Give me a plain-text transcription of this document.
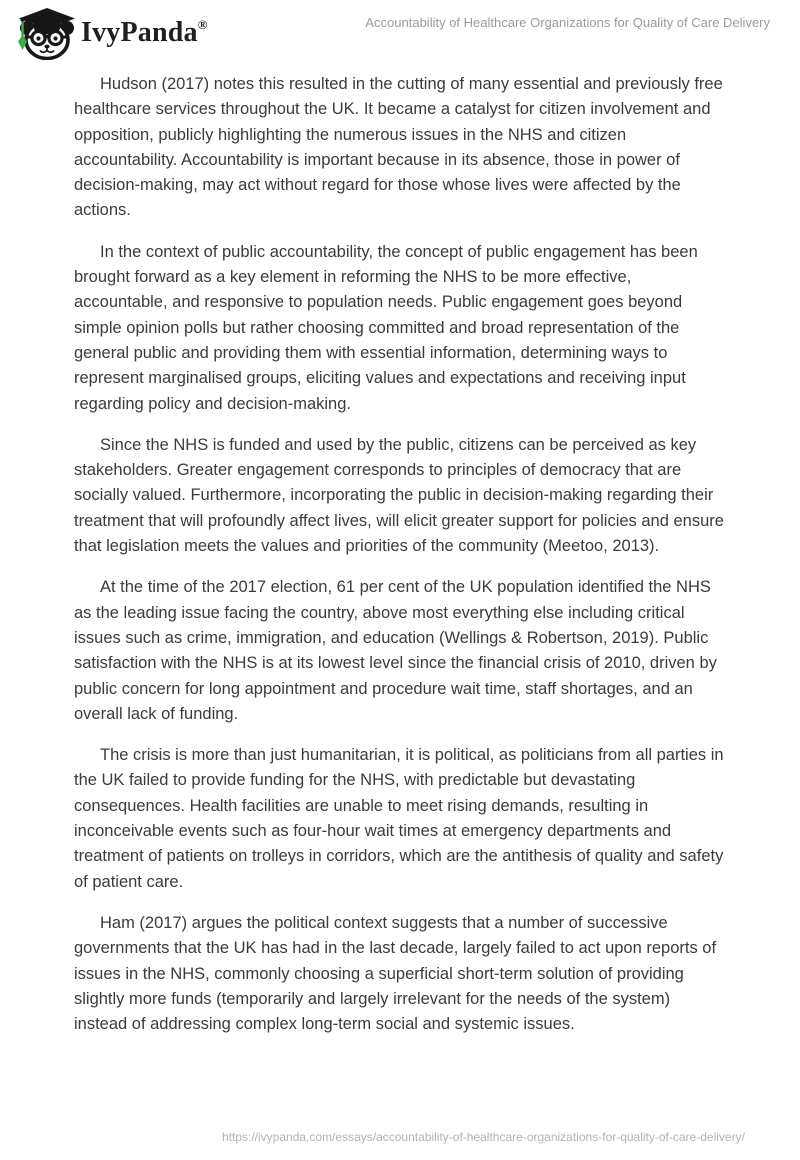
IvyPanda®	Accountability of Healthcare Organizations for Quality of Care Delivery

Hudson (2017) notes this resulted in the cutting of many essential and previously free healthcare services throughout the UK. It became a catalyst for citizen involvement and opposition, publicly highlighting the numerous issues in the NHS and citizen accountability. Accountability is important because in its absence, those in power of decision-making, may act without regard for those whose lives were affected by the actions.

In the context of public accountability, the concept of public engagement has been brought forward as a key element in reforming the NHS to be more effective, accountable, and responsive to population needs. Public engagement goes beyond simple opinion polls but rather choosing committed and broad representation of the general public and providing them with essential information, determining ways to represent marginalised groups, eliciting values and expectations and receiving input regarding policy and decision-making.

Since the NHS is funded and used by the public, citizens can be perceived as key stakeholders. Greater engagement corresponds to principles of democracy that are socially valued. Furthermore, incorporating the public in decision-making regarding their treatment that will profoundly affect lives, will elicit greater support for policies and ensure that legislation meets the values and priorities of the community (Meetoo, 2013).

At the time of the 2017 election, 61 per cent of the UK population identified the NHS as the leading issue facing the country, above most everything else including critical issues such as crime, immigration, and education (Wellings & Robertson, 2019). Public satisfaction with the NHS is at its lowest level since the financial crisis of 2010, driven by public concern for long appointment and procedure wait time, staff shortages, and an overall lack of funding.

The crisis is more than just humanitarian, it is political, as politicians from all parties in the UK failed to provide funding for the NHS, with predictable but devastating consequences. Health facilities are unable to meet rising demands, resulting in inconceivable events such as four-hour wait times at emergency departments and treatment of patients on trolleys in corridors, which are the antithesis of quality and safety of patient care.

Ham (2017) argues the political context suggests that a number of successive governments that the UK has had in the last decade, largely failed to act upon reports of issues in the NHS, commonly choosing a superficial short-term solution of providing slightly more funds (temporarily and largely irrelevant for the needs of the system) instead of addressing complex long-term social and systemic issues.

https://ivypanda.com/essays/accountability-of-healthcare-organizations-for-quality-of-care-delivery/
